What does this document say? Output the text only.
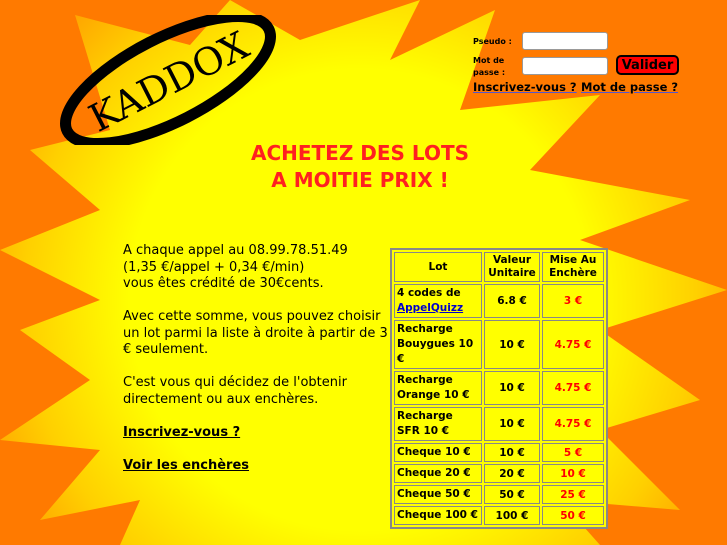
KADDOX	Pseudo :
Mot de passe :	Valider
Inscrivez-vous ? Mot de passe ?
ACHETEZ DES LOTS
A MOITIE PRIX !

A chaque appel au 08.99.78.51.49
(1,35 €/appel + 0,34 €/min)
vous êtes crédité de 30€cents.

Avec cette somme, vous pouvez choisir un lot parmi la liste à droite à partir de 3 € seulement.

C'est vous qui décidez de l'obtenir directement ou aux enchères.

Inscrivez-vous ?

Voir les enchères

Lot	Valeur Unitaire	Mise Au Enchère
4 codes de
AppelQuizz	6.8 €	3 €
Recharge Bouygues 10 €	10 €	4.75 €
Recharge Orange 10 €	10 €	4.75 €
Recharge SFR 10 €	10 €	4.75 €
Cheque 10 €	10 €	5 €
Cheque 20 €	20 €	10 €
Cheque 50 €	50 €	25 €
Cheque 100 €	100 €	50 €
